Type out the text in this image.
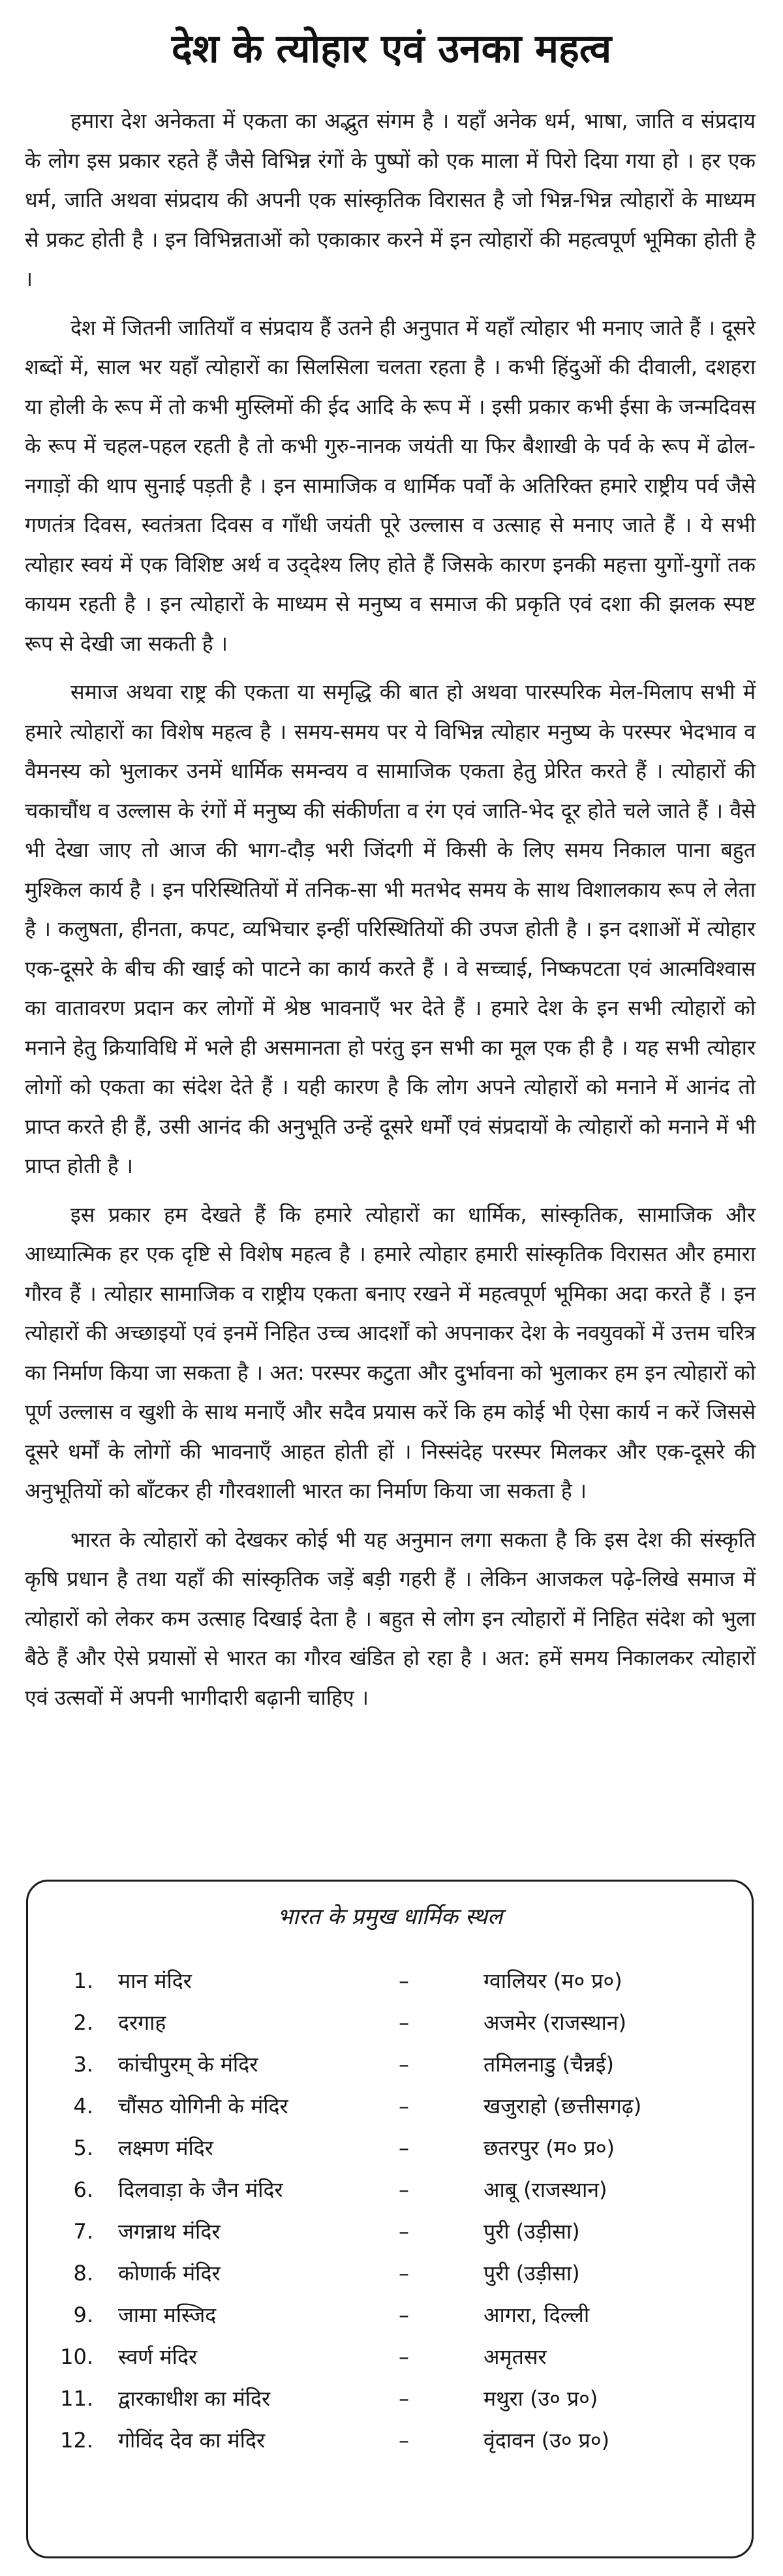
देश के त्योहार एवं उनका महत्व

हमारा देश अनेकता में एकता का अद्भुत संगम है । यहाँ अनेक धर्म, भाषा, जाति व संप्रदाय के लोग इस प्रकार रहते हैं जैसे विभिन्न रंगों के पुष्पों को एक माला में पिरो दिया गया हो । हर एक धर्म, जाति अथवा संप्रदाय की अपनी एक सांस्कृतिक विरासत है जो भिन्न-भिन्न त्योहारों के माध्यम से प्रकट होती है । इन विभिन्नताओं को एकाकार करने में इन त्योहारों की महत्वपूर्ण भूमिका होती है ।

देश में जितनी जातियाँ व संप्रदाय हैं उतने ही अनुपात में यहाँ त्योहार भी मनाए जाते हैं । दूसरे शब्दों में, साल भर यहाँ त्योहारों का सिलसिला चलता रहता है । कभी हिंदुओं की दीवाली, दशहरा या होली के रूप में तो कभी मुस्लिमों की ईद आदि के रूप में । इसी प्रकार कभी ईसा के जन्मदिवस के रूप में चहल-पहल रहती है तो कभी गुरु-नानक जयंती या फिर बैशाखी के पर्व के रूप में ढोल-नगाड़ों की थाप सुनाई पड़ती है । इन सामाजिक व धार्मिक पर्वों के अतिरिक्त हमारे राष्ट्रीय पर्व जैसे गणतंत्र दिवस, स्वतंत्रता दिवस व गाँधी जयंती पूरे उल्लास व उत्साह से मनाए जाते हैं । ये सभी त्योहार स्वयं में एक विशिष्ट अर्थ व उद्‌देश्य लिए होते हैं जिसके कारण इनकी महत्ता युगों-युगों तक कायम रहती है । इन त्योहारों के माध्यम से मनुष्य व समाज की प्रकृति एवं दशा की झलक स्पष्ट रूप से देखी जा सकती है ।

समाज अथवा राष्ट्र की एकता या समृद्धि की बात हो अथवा पारस्परिक मेल-मिलाप सभी में हमारे त्योहारों का विशेष महत्व है । समय-समय पर ये विभिन्न त्योहार मनुष्य के परस्पर भेदभाव व वैमनस्य को भुलाकर उनमें धार्मिक समन्वय व सामाजिक एकता हेतु प्रेरित करते हैं । त्योहारों की चकाचौंध व उल्लास के रंगों में मनुष्य की संकीर्णता व रंग एवं जाति-भेद दूर होते चले जाते हैं । वैसे भी देखा जाए तो आज की भाग-दौड़ भरी जिंदगी में किसी के लिए समय निकाल पाना बहुत मुश्किल कार्य है । इन परिस्थितियों में तनिक-सा भी मतभेद समय के साथ विशालकाय रूप ले लेता है । कलुषता, हीनता, कपट, व्यभिचार इन्हीं परिस्थितियों की उपज होती है । इन दशाओं में त्योहार एक-दूसरे के बीच की खाई को पाटने का कार्य करते हैं । वे सच्चाई, निष्कपटता एवं आत्मविश्वास का वातावरण प्रदान कर लोगों में श्रेष्ठ भावनाएँ भर देते हैं । हमारे देश के इन सभी त्योहारों को मनाने हेतु क्रियाविधि में भले ही असमानता हो परंतु इन सभी का मूल एक ही है । यह सभी त्योहार लोगों को एकता का संदेश देते हैं । यही कारण है कि लोग अपने त्योहारों को मनाने में आनंद तो प्राप्त करते ही हैं, उसी आनंद की अनुभूति उन्हें दूसरे धर्मों एवं संप्रदायों के त्योहारों को मनाने में भी प्राप्त होती है ।

इस प्रकार हम देखते हैं कि हमारे त्योहारों का धार्मिक, सांस्कृतिक, सामाजिक और आध्यात्मिक हर एक दृष्टि से विशेष महत्व है । हमारे त्योहार हमारी सांस्कृतिक विरासत और हमारा गौरव हैं । त्योहार सामाजिक व राष्ट्रीय एकता बनाए रखने में महत्वपूर्ण भूमिका अदा करते हैं । इन त्योहारों की अच्छाइयों एवं इनमें निहित उच्च आदर्शों को अपनाकर देश के नवयुवकों में उत्तम चरित्र का निर्माण किया जा सकता है । अत: परस्पर कटुता और दुर्भावना को भुलाकर हम इन त्योहारों को पूर्ण उल्लास व खुशी के साथ मनाएँ और सदैव प्रयास करें कि हम कोई भी ऐसा कार्य न करें जिससे दूसरे धर्मों के लोगों की भावनाएँ आहत होती हों । निस्संदेह परस्पर मिलकर और एक-दूसरे की अनुभूतियों को बाँटकर ही गौरवशाली भारत का निर्माण किया जा सकता है ।

भारत के त्योहारों को देखकर कोई भी यह अनुमान लगा सकता है कि इस देश की संस्कृति कृषि प्रधान है तथा यहाँ की सांस्कृतिक जड़ें बड़ी गहरी हैं । लेकिन आजकल पढ़े-लिखे समाज में त्योहारों को लेकर कम उत्साह दिखाई देता है । बहुत से लोग इन त्योहारों में निहित संदेश को भुला बैठे हैं और ऐसे प्रयासों से भारत का गौरव खंडित हो रहा है । अत: हमें समय निकालकर त्योहारों एवं उत्सवों में अपनी भागीदारी बढ़ानी चाहिए ।

भारत के प्रमुख धार्मिक स्थल
1. मान मंदिर	–	ग्वालियर (म० प्र०)
2. दरगाह	–	अजमेर (राजस्थान)
3. कांचीपुरम् के मंदिर	–	तमिलनाडु (चैन्नई)
4. चौंसठ योगिनी के मंदिर	–	खजुराहो (छत्तीसगढ़)
5. लक्ष्मण मंदिर	–	छतरपुर (म० प्र०)
6. दिलवाड़ा के जैन मंदिर	–	आबू (राजस्थान)
7. जगन्नाथ मंदिर	–	पुरी (उड़ीसा)
8. कोणार्क मंदिर	–	पुरी (उड़ीसा)
9. जामा मस्जिद	–	आगरा, दिल्ली
10. स्वर्ण मंदिर	–	अमृतसर
11. द्वारकाधीश का मंदिर	–	मथुरा (उ० प्र०)
12. गोविंद देव का मंदिर	–	वृंदावन (उ० प्र०)
